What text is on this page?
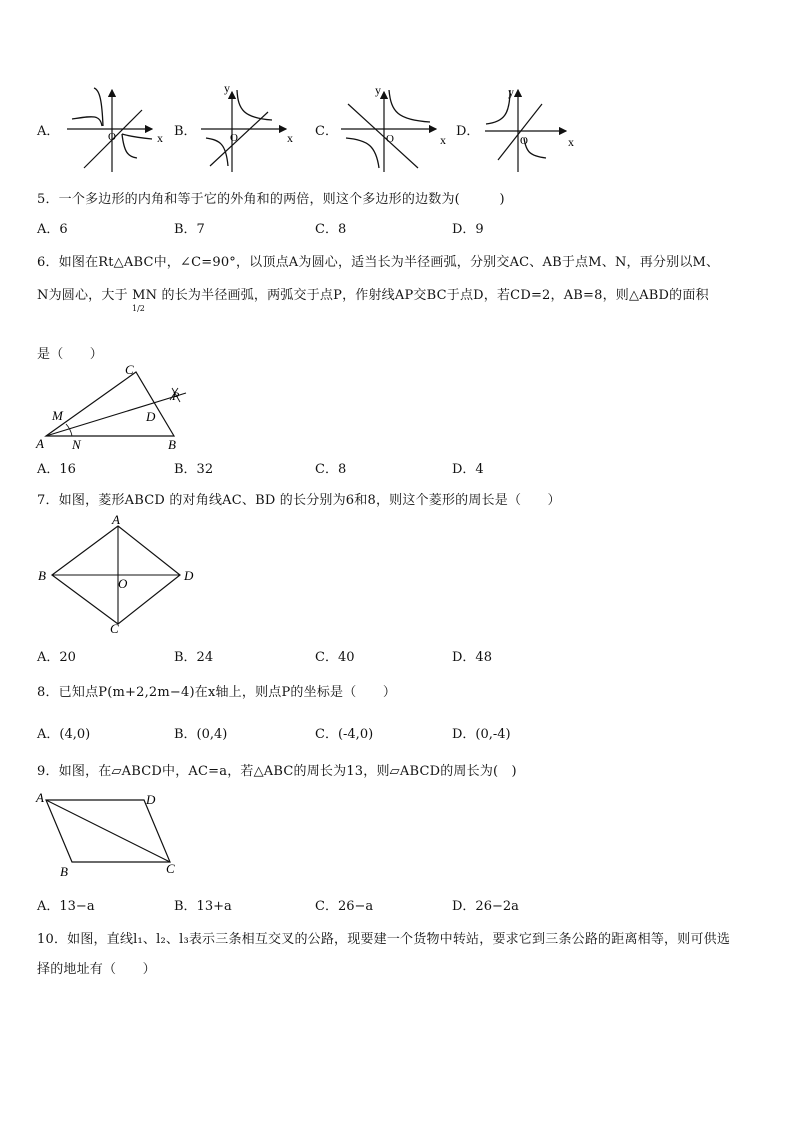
A．	B．	C．	D．
O	x
y
O	x
y
O	x
y
O	x
5．一个多边形的内角和等于它的外角和的两倍，则这个多边形的边数为(　　　)
A．6	B．7	C．8	D．9
6．如图在Rt△ABC中，∠C=90°，以顶点A为圆心，适当长为半径画弧，分别交AC、AB于点M、N，再分别以M、
N为圆心，大于 MN 的长为半径画弧，两弧交于点P，作射线AP交BC于点D，若CD=2，AB=8，则△ABD的面积
1/2
是（　　）
A	B
C
D
M
N
P
A．16	B．32	C．8	D．4
7．如图，菱形ABCD 的对角线AC、BD 的长分别为6和8，则这个菱形的周长是（　　）
A
B
C
D
O
A．20	B．24	C．40	D．48
8．已知点P(m+2,2m−4)在x轴上，则点P的坐标是（　　）
A．(4,0)	B．(0,4)	C．(-4,0)	D．(0,-4)
9．如图，在▱ABCD中，AC=a，若△ABC的周长为13，则▱ABCD的周长为(　)
A
B	C
D
A．13−a	B．13+a	C．26−a	D．26−2a
10．如图，直线l₁、l₂、l₃表示三条相互交叉的公路，现要建一个货物中转站，要求它到三条公路的距离相等，则可供选
择的地址有（　　）
